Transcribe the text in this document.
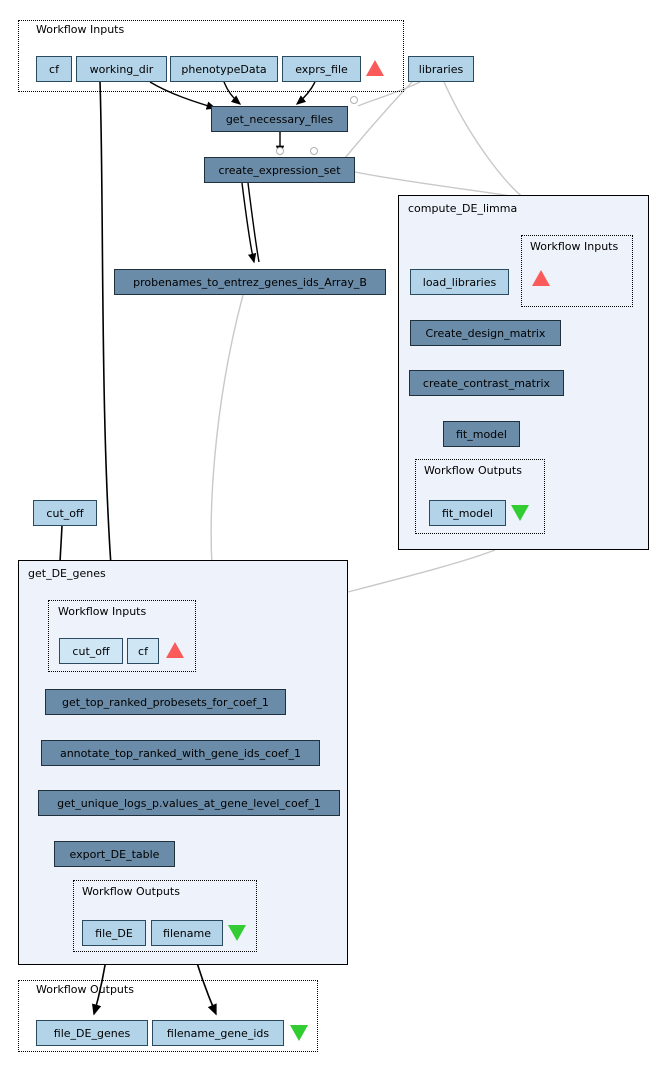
Workflow Inputs
compute_DE_limma
Workflow Inputs
Workflow Outputs
get_DE_genes
Workflow Inputs
Workflow Outputs
Workflow Outputs
cf	working_dir	phenotypeData	exprs_file	libraries
get_necessary_files
create_expression_set
probenames_to_entrez_genes_ids_Array_B	load_libraries
Create_design_matrix
create_contrast_matrix
fit_model
fit_model
cut_off
cut_off	cf
get_top_ranked_probesets_for_coef_1
annotate_top_ranked_with_gene_ids_coef_1
get_unique_logs_p.values_at_gene_level_coef_1
export_DE_table
file_DE	filename
file_DE_genes	filename_gene_ids
